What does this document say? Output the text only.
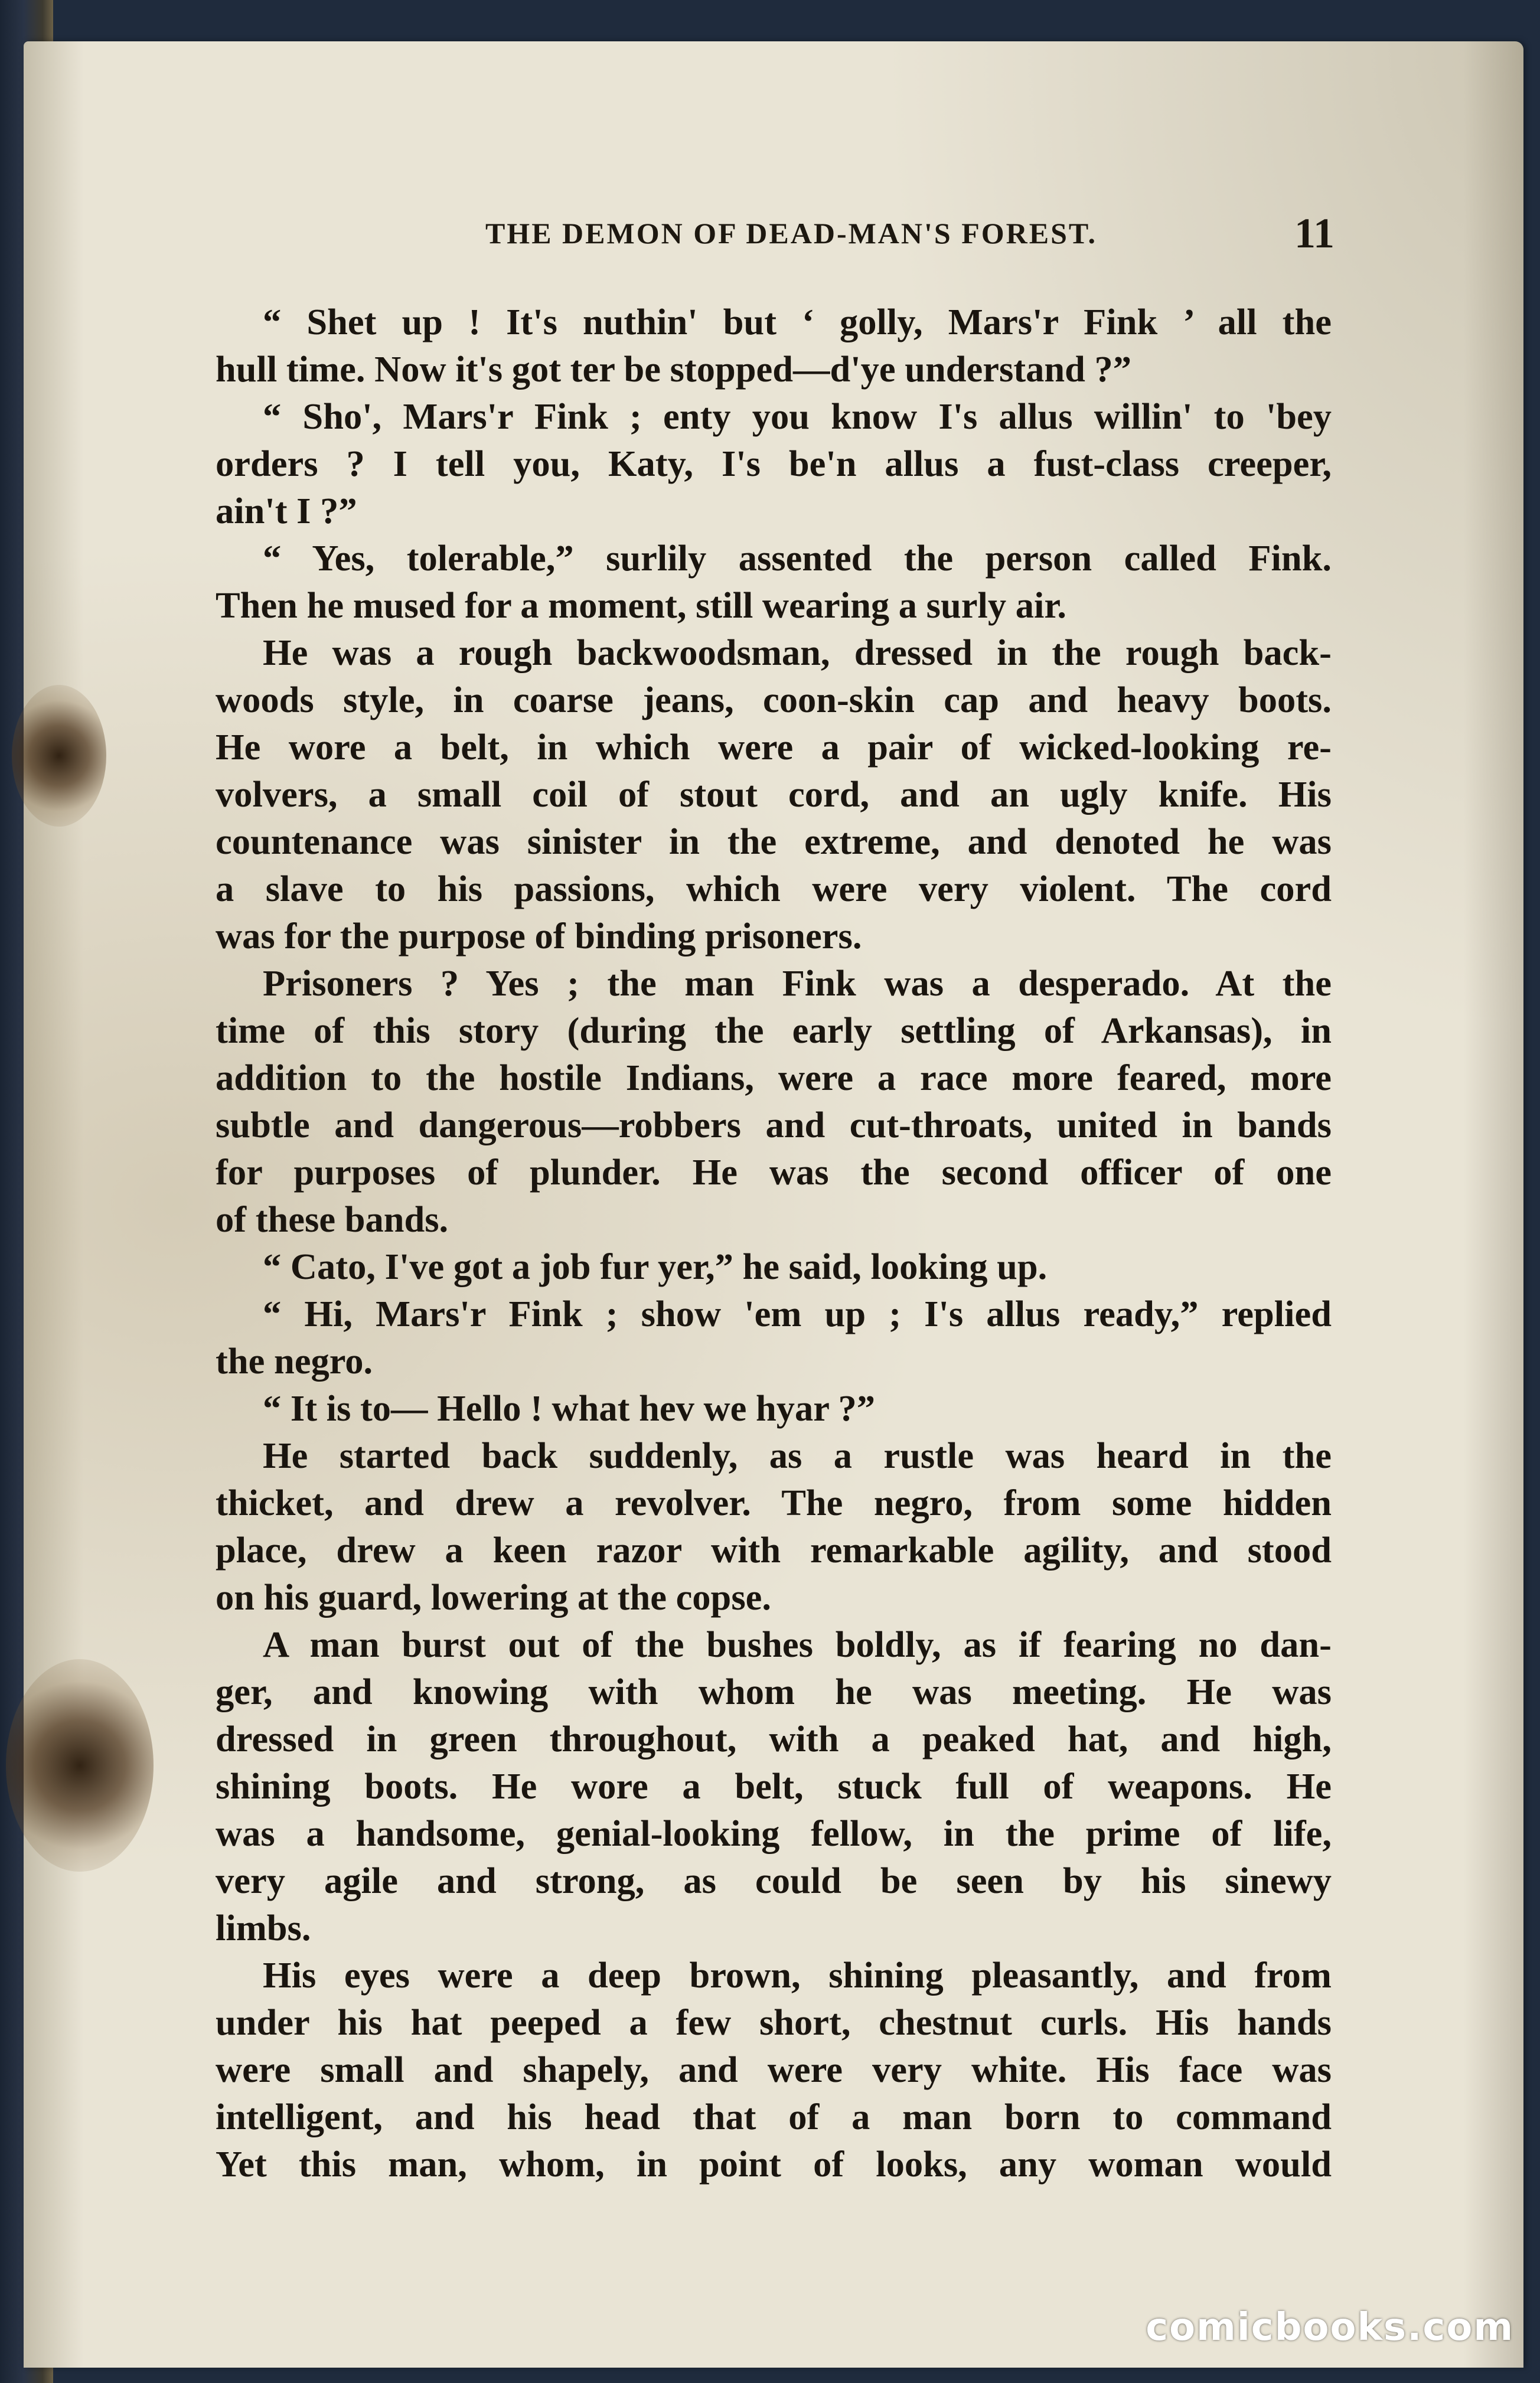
THE DEMON OF DEAD-MAN'S FOREST.	11
“ Shet up ! It's nuthin' but ‘ golly, Mars'r Fink ’ all the
hull time. Now it's got ter be stopped—d'ye understand ?”
“ Sho', Mars'r Fink ; enty you know I's allus willin' to 'bey
orders ? I tell you, Katy, I's be'n allus a fust-class creeper,
ain't I ?”
“ Yes, tolerable,” surlily assented the person called Fink.
Then he mused for a moment, still wearing a surly air.
He was a rough backwoodsman, dressed in the rough back-
woods style, in coarse jeans, coon-skin cap and heavy boots.
He wore a belt, in which were a pair of wicked-looking re-
volvers, a small coil of stout cord, and an ugly knife. His
countenance was sinister in the extreme, and denoted he was
a slave to his passions, which were very violent. The cord
was for the purpose of binding prisoners.
Prisoners ? Yes ; the man Fink was a desperado. At the
time of this story (during the early settling of Arkansas), in
addition to the hostile Indians, were a race more feared, more
subtle and dangerous—robbers and cut-throats, united in bands
for purposes of plunder. He was the second officer of one
of these bands.
“ Cato, I've got a job fur yer,” he said, looking up.
“ Hi, Mars'r Fink ; show 'em up ; I's allus ready,” replied
the negro.
“ It is to— Hello ! what hev we hyar ?”
He started back suddenly, as a rustle was heard in the
thicket, and drew a revolver. The negro, from some hidden
place, drew a keen razor with remarkable agility, and stood
on his guard, lowering at the copse.
A man burst out of the bushes boldly, as if fearing no dan-
ger, and knowing with whom he was meeting. He was
dressed in green throughout, with a peaked hat, and high,
shining boots. He wore a belt, stuck full of weapons. He
was a handsome, genial-looking fellow, in the prime of life,
very agile and strong, as could be seen by his sinewy
limbs.
His eyes were a deep brown, shining pleasantly, and from
under his hat peeped a few short, chestnut curls. His hands
were small and shapely, and were very white. His face was
intelligent, and his head that of a man born to command
Yet this man, whom, in point of looks, any woman would
comicbooks.com
